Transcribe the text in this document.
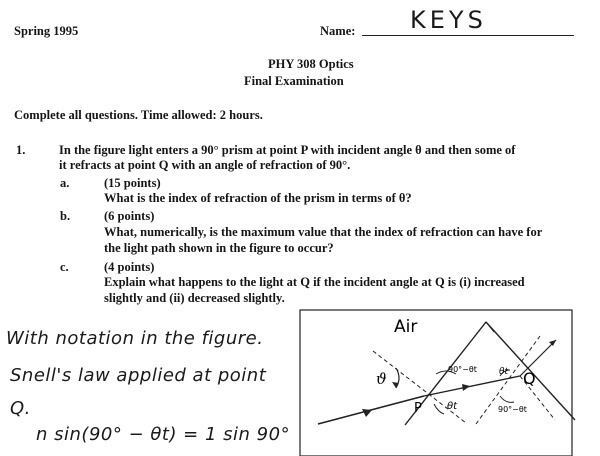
Spring 1995	Name: KEYS
PHY 308 Optics
Final Examination
Complete all questions. Time allowed: 2 hours.
1.	In the figure light enters a 90° prism at point P with incident angle θ and then some of
it refracts at point Q with an angle of refraction of 90°.
a.	(15 points)
What is the index of refraction of the prism in terms of θ?
b.	(6 points)
What, numerically, is the maximum value that the index of refraction can have for
the light path shown in the figure to occur?
c.	(4 points)
Explain what happens to the light at Q if the incident angle at Q is (i) increased
slightly and (ii) decreased slightly.
With notation in the figure.
Snell's law applied at point
Q.
n sin(90° − θt) = 1 sin 90°
Air
ϑ
P
Q
90°−θt
θt
θt
90°−θt
